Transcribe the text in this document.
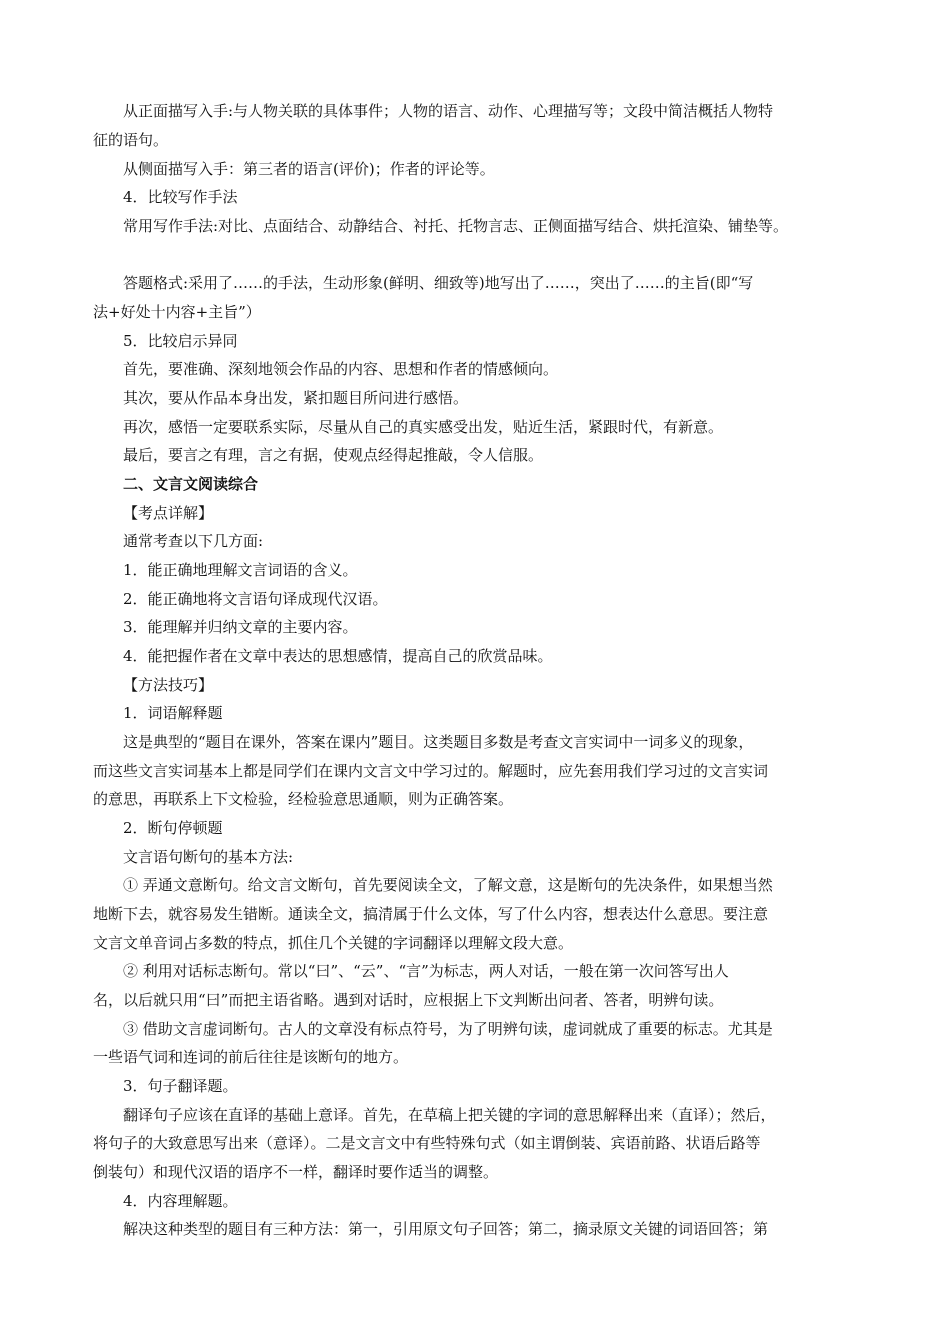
从正面描写入手:与人物关联的具体事件；人物的语言、动作、心理描写等；文段中简洁概括人物特
征的语句。
从侧面描写入手：第三者的语言(评价)；作者的评论等。
4．比较写作手法
常用写作手法:对比、点面结合、动静结合、衬托、托物言志、正侧面描写结合、烘托渲染、铺垫等。
答题格式:采用了……的手法，生动形象(鲜明、细致等)地写出了……，突出了……的主旨(即“写
法+好处十内容+主旨”）
5．比较启示异同
首先，要准确、深刻地领会作品的内容、思想和作者的情感倾向。
其次，要从作品本身出发，紧扣题目所问进行感悟。
再次，感悟一定要联系实际，尽量从自己的真实感受出发，贴近生活，紧跟时代，有新意。
最后，要言之有理，言之有据，使观点经得起推敲，令人信服。
二、文言文阅读综合
【考点详解】
通常考查以下几方面:
1．能正确地理解文言词语的含义。
2．能正确地将文言语句译成现代汉语。
3．能理解并归纳文章的主要内容。
4．能把握作者在文章中表达的思想感情，提高自己的欣赏品味。
【方法技巧】
1．词语解释题
这是典型的“题目在课外，答案在课内”题目。这类题目多数是考查文言实词中一词多义的现象，
而这些文言实词基本上都是同学们在课内文言文中学习过的。解题时，应先套用我们学习过的文言实词
的意思，再联系上下文检验，经检验意思通顺，则为正确答案。
2．断句停顿题
文言语句断句的基本方法:
① 弄通文意断句。给文言文断句，首先要阅读全文，了解文意，这是断句的先决条件，如果想当然
地断下去，就容易发生错断。通读全文，搞清属于什么文体，写了什么内容，想表达什么意思。要注意
文言文单音词占多数的特点，抓住几个关键的字词翻译以理解文段大意。
② 利用对话标志断句。常以“曰”、“云”、“言”为标志，两人对话，一般在第一次问答写出人
名，以后就只用“曰”而把主语省略。遇到对话时，应根据上下文判断出问者、答者，明辨句读。
③ 借助文言虚词断句。古人的文章没有标点符号，为了明辨句读，虚词就成了重要的标志。尤其是
一些语气词和连词的前后往往是该断句的地方。
3．句子翻译题。
翻译句子应该在直译的基础上意译。首先，在草稿上把关键的字词的意思解释出来（直译）；然后，
将句子的大致意思写出来（意译）。二是文言文中有些特殊句式（如主谓倒装、宾语前路、状语后路等
倒装句）和现代汉语的语序不一样，翻译时要作适当的调整。
4．内容理解题。
解决这种类型的题目有三种方法：第一，引用原文句子回答；第二，摘录原文关键的词语回答；第
